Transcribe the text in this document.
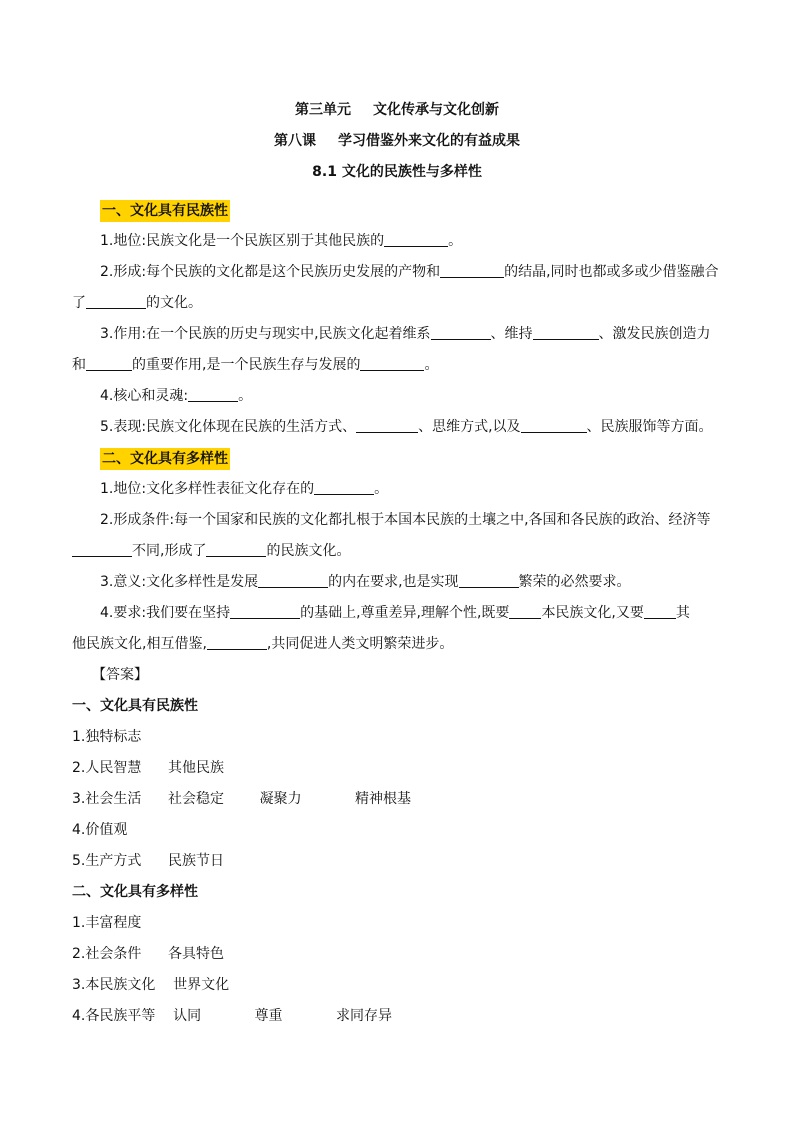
第三单元 文化传承与文化创新
第八课 学习借鉴外来文化的有益成果
8.1 文化的民族性与多样性
一、文化具有民族性

1.地位:民族文化是一个民族区别于其他民族的	。

2.形成:每个民族的文化都是这个民族历史发展的产物和	的结晶,同时也都或多或少借鉴融合

了	的文化。

3.作用:在一个民族的历史与现实中,民族文化起着维系	、维持	、激发民族创造力

和	的重要作用,是一个民族生存与发展的	。

4.核心和灵魂:	。

5.表现:民族文化体现在民族的生活方式、	、思维方式,以及	、民族服饰等方面。

二、文化具有多样性

1.地位:文化多样性表征文化存在的	。

2.形成条件:每一个国家和民族的文化都扎根于本国本民族的土壤之中,各国和各民族的政治、经济等

不同,形成了	的民族文化。

3.意义:文化多样性是发展	的内在要求,也是实现	繁荣的必然要求。

4.要求:我们要在坚持	的基础上,尊重差异,理解个性,既要 本民族文化,又要 其

他民族文化,相互借鉴,	,共同促进人类文明繁荣进步。

【答案】
一、文化具有民族性
1.独特标志
2.人民智慧      其他民族
3.社会生活      社会稳定        凝聚力            精神根基
4.价值观
5.生产方式      民族节日
二、文化具有多样性
1.丰富程度
2.社会条件      各具特色
3.本民族文化    世界文化
4.各民族平等    认同            尊重            求同存异
